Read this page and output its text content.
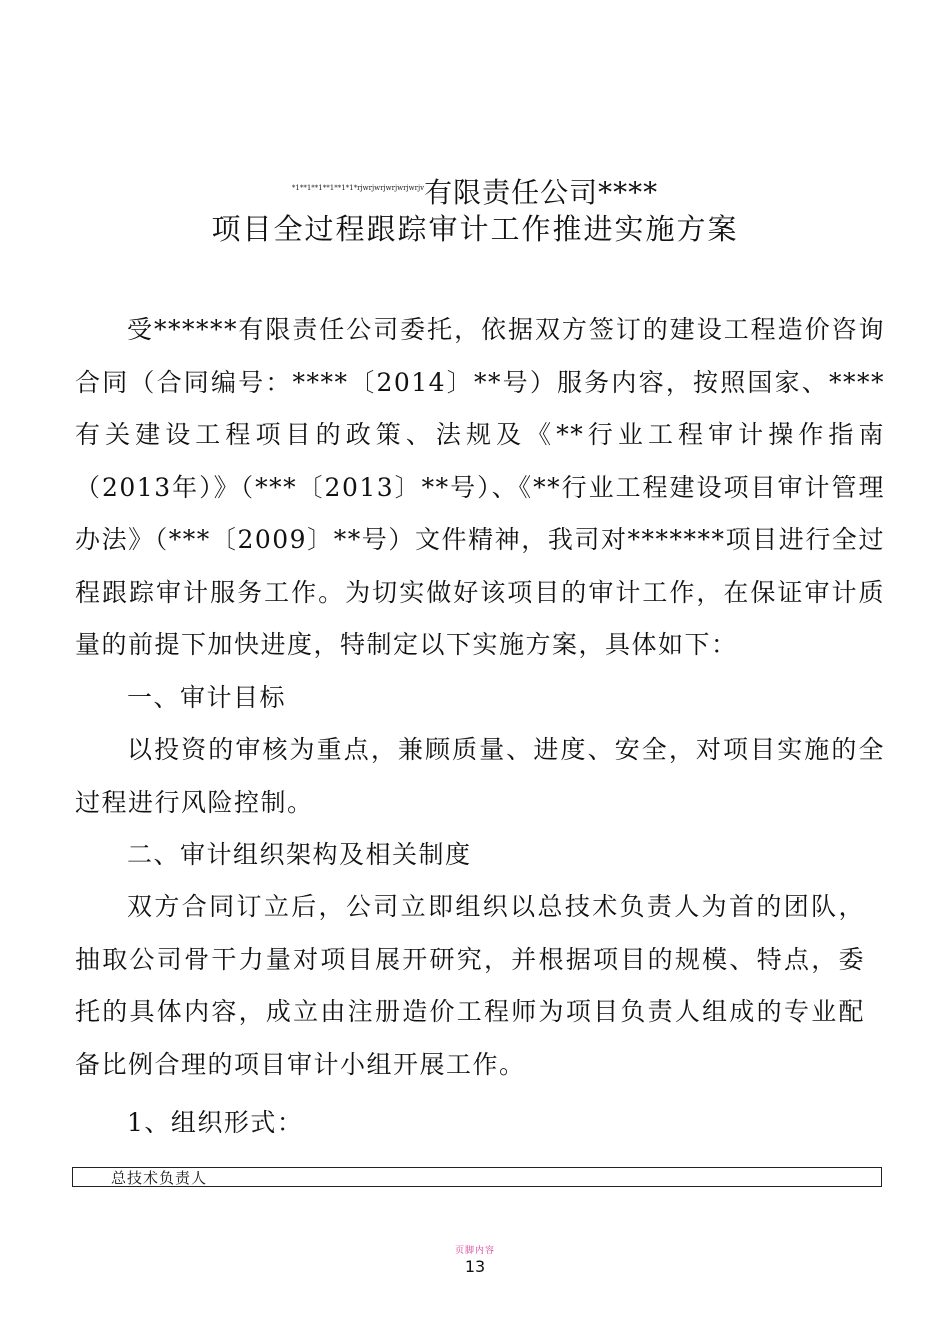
$^{*1**1**1**1**1*1*rjwrjwrjwrjwrjwrjv}$有限责任公司****
项目全过程跟踪审计工作推进实施方案
受******有限责任公司委托，依据双方签订的建设工程造价咨询合同（合同编号：****〔2014〕**号）服务内容，按照国家、****有关建设工程项目的政策、法规及《**行业工程审计操作指南（2013年）》（***〔2013〕**号）、《**行业工程建设项目审计管理办法》（***〔2009〕**号）文件精神，我司对*******项目进行全过程跟踪审计服务工作。为切实做好该项目的审计工作，在保证审计质量的前提下加快进度，特制定以下实施方案，具体如下：
一、审计目标
以投资的审核为重点，兼顾质量、进度、安全，对项目实施的全过程进行风险控制。
二、审计组织架构及相关制度
双方合同订立后，公司立即组织以总技术负责人为首的团队，抽取公司骨干力量对项目展开研究，并根据项目的规模、特点，委托的具体内容，成立由注册造价工程师为项目负责人组成的专业配备比例合理的项目审计小组开展工作。
1、组织形式：
总技术负责人
页脚内容
13
